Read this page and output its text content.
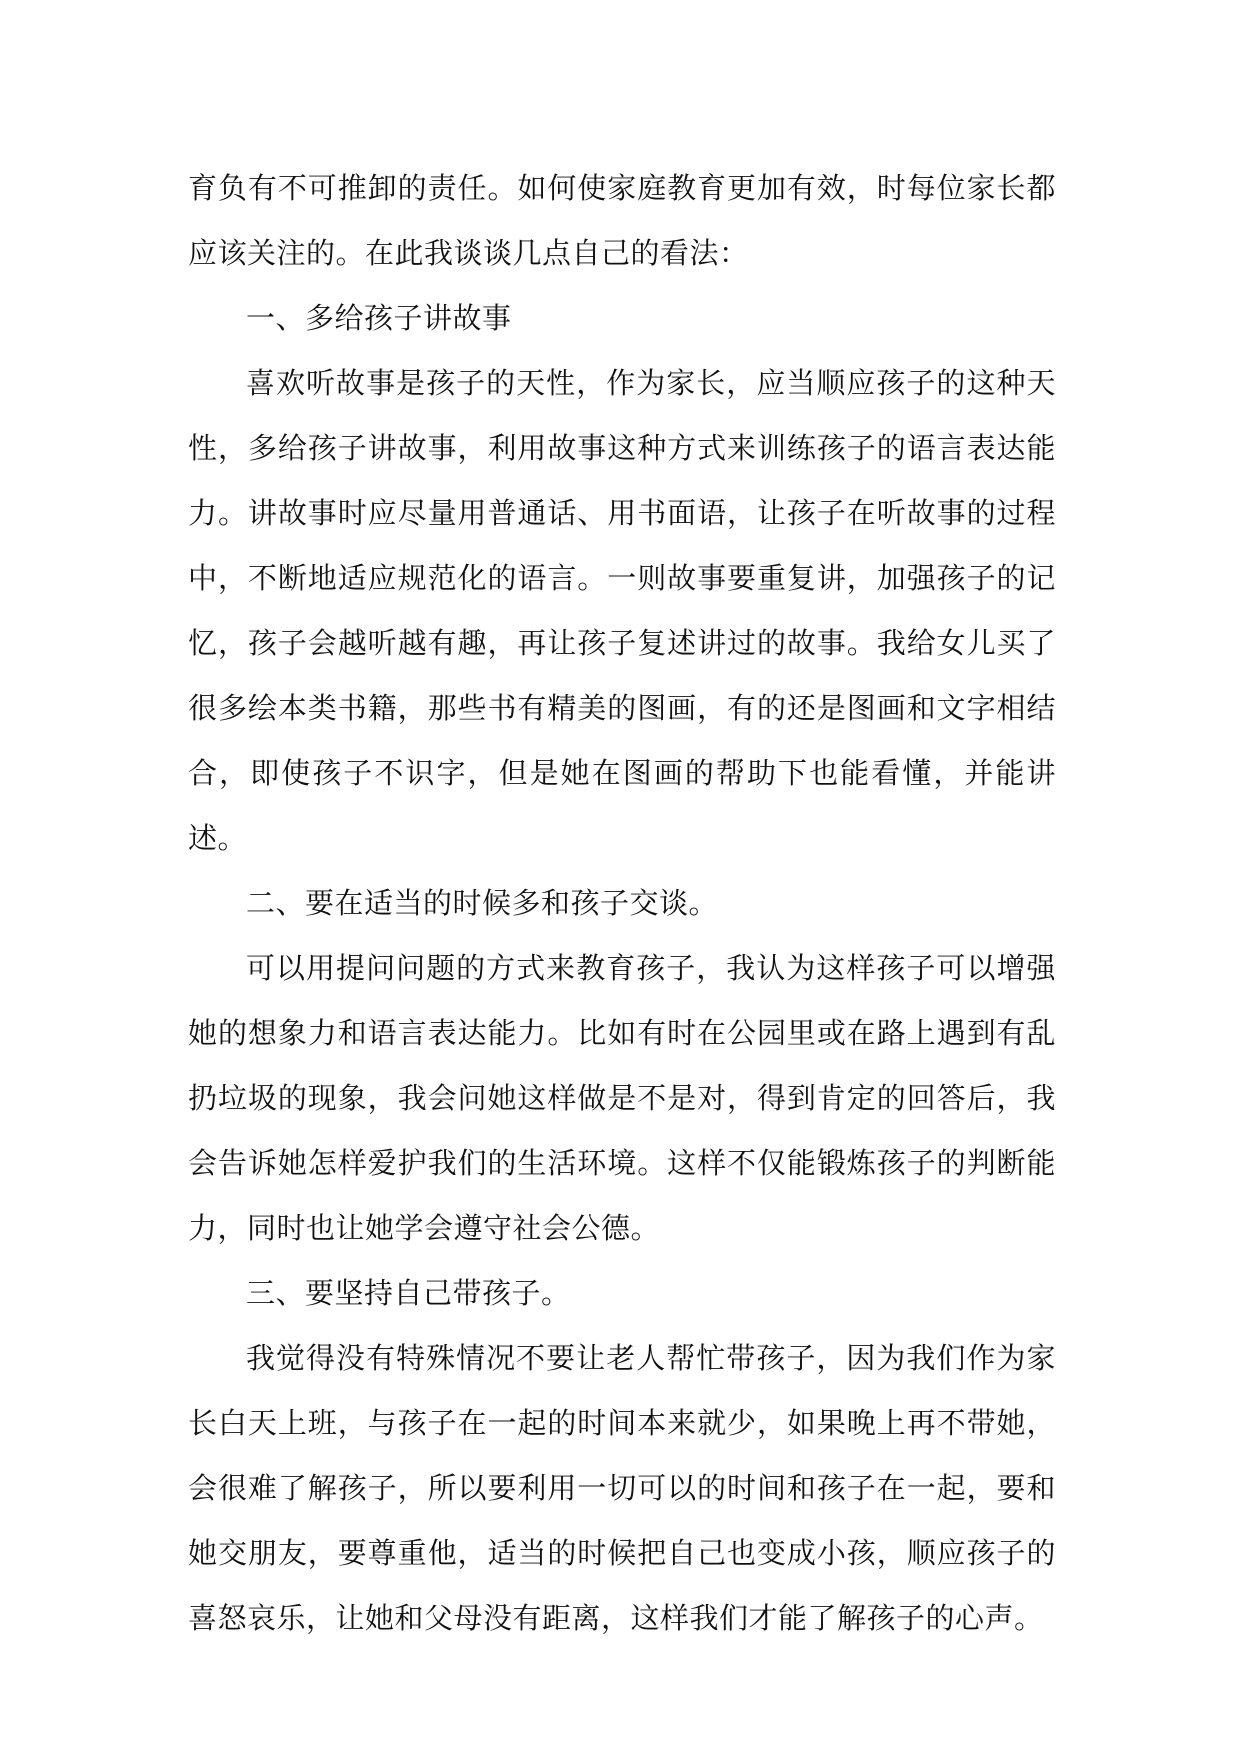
育负有不可推卸的责任。如何使家庭教育更加有效，时每位家长都应该关注的。在此我谈谈几点自己的看法：

一、多给孩子讲故事

喜欢听故事是孩子的天性，作为家长，应当顺应孩子的这种天性，多给孩子讲故事，利用故事这种方式来训练孩子的语言表达能力。讲故事时应尽量用普通话、用书面语，让孩子在听故事的过程中，不断地适应规范化的语言。一则故事要重复讲，加强孩子的记忆，孩子会越听越有趣，再让孩子复述讲过的故事。我给女儿买了很多绘本类书籍，那些书有精美的图画，有的还是图画和文字相结合，即使孩子不识字，但是她在图画的帮助下也能看懂，并能讲述。

二、要在适当的时候多和孩子交谈。

可以用提问问题的方式来教育孩子，我认为这样孩子可以增强她的想象力和语言表达能力。比如有时在公园里或在路上遇到有乱扔垃圾的现象，我会问她这样做是不是对，得到肯定的回答后，我会告诉她怎样爱护我们的生活环境。这样不仅能锻炼孩子的判断能力，同时也让她学会遵守社会公德。

三、要坚持自己带孩子。

我觉得没有特殊情况不要让老人帮忙带孩子，因为我们作为家长白天上班，与孩子在一起的时间本来就少，如果晚上再不带她，会很难了解孩子，所以要利用一切可以的时间和孩子在一起，要和她交朋友，要尊重他，适当的时候把自己也变成小孩，顺应孩子的喜怒哀乐，让她和父母没有距离，这样我们才能了解孩子的心声。
